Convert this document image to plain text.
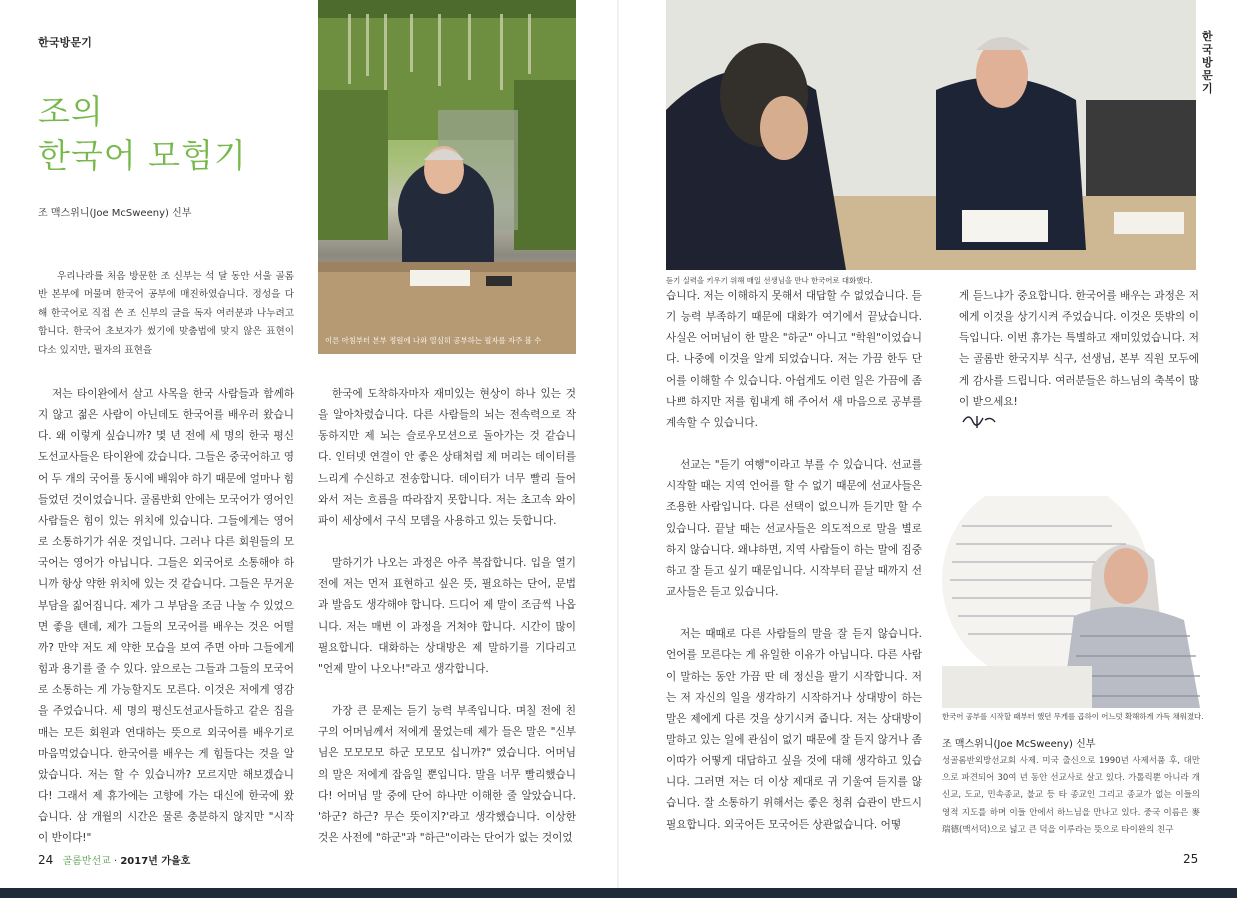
한국방문기
조의
한국어 모험기
조 맥스위니(Joe McSweeny) 신부
우리나라를 처음 방문한 조 신부는 석 달 동안 서울 골롬반 본부에 머물며 한국어 공부에 매진하였습니다. 정성을 다해 한국어로 직접 쓴 조 신부의 글을 독자 여러분과 나누려고 합니다. 한국어 초보자가 썼기에 맞춤법에 맞지 않은 표현이 다소 있지만, 필자의 표현을
이른 아침부터 본부 정원에 나와 열심히 공부하는 필자를 자주 볼 수

저는 타이완에서 살고 사목을 한국 사람들과 함께하지 않고 젊은 사람이 아닌데도 한국어를 배우러 왔습니다. 왜 이렇게 싶습니까? 몇 년 전에 세 명의 한국 평신도선교사들은 타이완에 갔습니다. 그들은 중국어하고 영어 두 개의 국어를 동시에 배워야 하기 때문에 얼마나 힘들었던 것이었습니다. 골롬반회 안에는 모국어가 영어인 사람들은 힘이 있는 위치에 있습니다. 그들에게는 영어로 소통하기가 쉬운 것입니다. 그러나 다른 회원들의 모국어는 영어가 아닙니다. 그들은 외국어로 소통해야 하니까 항상 약한 위치에 있는 것 같습니다. 그들은 무거운 부담을 짊어집니다. 제가 그 부담을 조금 나눌 수 있었으면 좋을 텐데, 제가 그들의 모국어를 배우는 것은 어떨까? 만약 저도 제 약한 모습을 보여 주면 아마 그들에게 힘과 용기를 줄 수 있다. 앞으로는 그들과 그들의 모국어로 소통하는 게 가능할지도 모른다. 이것은 저에게 영감을 주었습니다. 세 명의 평신도선교사들하고 같은 집을 매는 모든 회원과 연대하는 뜻으로 외국어를 배우기로 마음먹었습니다. 한국어를 배우는 게 힘들다는 것을 알았습니다. 저는 할 수 있습니까? 모르지만 해보겠습니다! 그래서 제 휴가에는 고향에 가는 대신에 한국에 왔습니다. 삼 개월의 시간은 물론 충분하지 않지만 "시작이 반이다!"

한국에 도착하자마자 재미있는 현상이 하나 있는 것을 알아차렸습니다. 다른 사람들의 뇌는 전속력으로 작동하지만 제 뇌는 슬로우모션으로 돌아가는 것 같습니다. 인터넷 연결이 안 좋은 상태처럼 제 머리는 데이터를 느리게 수신하고 전송합니다. 데이터가 너무 빨리 들어와서 저는 흐름을 따라잡지 못합니다. 저는 초고속 와이파이 세상에서 구식 모뎀을 사용하고 있는 듯합니다.

말하기가 나오는 과정은 아주 복잡합니다. 입을 열기 전에 저는 먼저 표현하고 싶은 뜻, 필요하는 단어, 문법과 발음도 생각해야 합니다. 드디어 제 말이 조금씩 나옵니다. 저는 매번 이 과정을 거쳐야 합니다. 시간이 많이 필요합니다. 대화하는 상대방은 제 말하기를 기다리고 "언제 말이 나오나!"라고 생각합니다.

가장 큰 문제는 듣기 능력 부족입니다. 며칠 전에 친구의 어머님께서 저에게 물었는데 제가 들은 말은 "신부님은 모모모모 하군 모모모 십니까?" 였습니다. 어머님의 말은 저에게 잡음일 뿐입니다. 말을 너무 빨리했습니다! 어머님 말 중에 단어 하나만 이해한 줄 알았습니다. '하군? 하근? 무슨 뜻이지?'라고 생각했습니다. 이상한 것은 사전에 "하군"과 "하근"이라는 단어가 없는 것이었

24 골롬반선교 · 2017년 가을호
한국방문기
듣기 실력을 키우기 위해 매일 선생님을 만나 한국어로 대화했다.

습니다. 저는 이해하지 못해서 대답할 수 없었습니다. 듣기 능력 부족하기 때문에 대화가 여기에서 끝났습니다. 사실은 어머님이 한 말은 "하군" 아니고 "학원"이었습니다. 나중에 이것을 알게 되었습니다. 저는 가끔 한두 단어를 이해할 수 있습니다. 아쉽게도 이런 일은 가끔에 좀 나쁘 하지만 저를 힘내게 해 주어서 새 마음으로 공부를 계속할 수 있습니다.

선교는 "듣기 여행"이라고 부를 수 있습니다. 선교를 시작할 때는 지역 언어를 할 수 없기 때문에 선교사들은 조용한 사람입니다. 다른 선택이 없으니까 듣기만 할 수 있습니다. 끝날 때는 선교사들은 의도적으로 말을 별로 하지 않습니다. 왜냐하면, 지역 사람들이 하는 말에 집중하고 잘 듣고 싶기 때문입니다. 시작부터 끝날 때까지 선교사들은 듣고 있습니다.

저는 때때로 다른 사람들의 말을 잘 듣지 않습니다. 언어를 모른다는 게 유일한 이유가 아닙니다. 다른 사람이 말하는 동안 가끔 딴 데 정신을 팔기 시작합니다. 저는 저 자신의 일을 생각하기 시작하거나 상대방이 하는 말은 제에게 다른 것을 상기시켜 줍니다. 저는 상대방이 말하고 있는 일에 관심이 없기 때문에 잘 듣지 않거나 좀 이따가 어떻게 대답하고 싶을 것에 대해 생각하고 있습니다. 그러면 저는 더 이상 제대로 귀 기울여 듣지를 않습니다. 잘 소통하기 위해서는 좋은 청취 습관이 반드시 필요합니다. 외국어든 모국어든 상관없습니다. 어떻

게 듣느냐가 중요합니다. 한국어를 배우는 과정은 저에게 이것을 상기시켜 주었습니다. 이것은 뜻밖의 이득입니다. 이번 휴가는 특별하고 재미있었습니다. 저는 골롬반 한국지부 식구, 선생님, 본부 직원 모두에게 감사를 드립니다. 여러분들은 하느님의 축복이 많이 받으세요!

한국어 공부를 시작할 때부터 했던 무게를 곱하이 어느덧 확해하게 가득 채워졌다.
조 맥스위니(Joe McSweeny) 신부
성골롬반외방선교회 사제. 미국 출신으로 1990년 사제서품 후, 대만으로 파견되어 30여 년 동안 선교사로 살고 있다. 가톨릭뿐 아니라 개신교, 도교, 민속종교, 불교 등 타 종교인 그리고 종교가 없는 이들의 영적 지도를 하며 이들 안에서 하느님을 만나고 있다. 중국 이름은 麥瑞德(맥서덕)으로 넓고 큰 덕을 이루라는 뜻으로 타이완의 친구
25
